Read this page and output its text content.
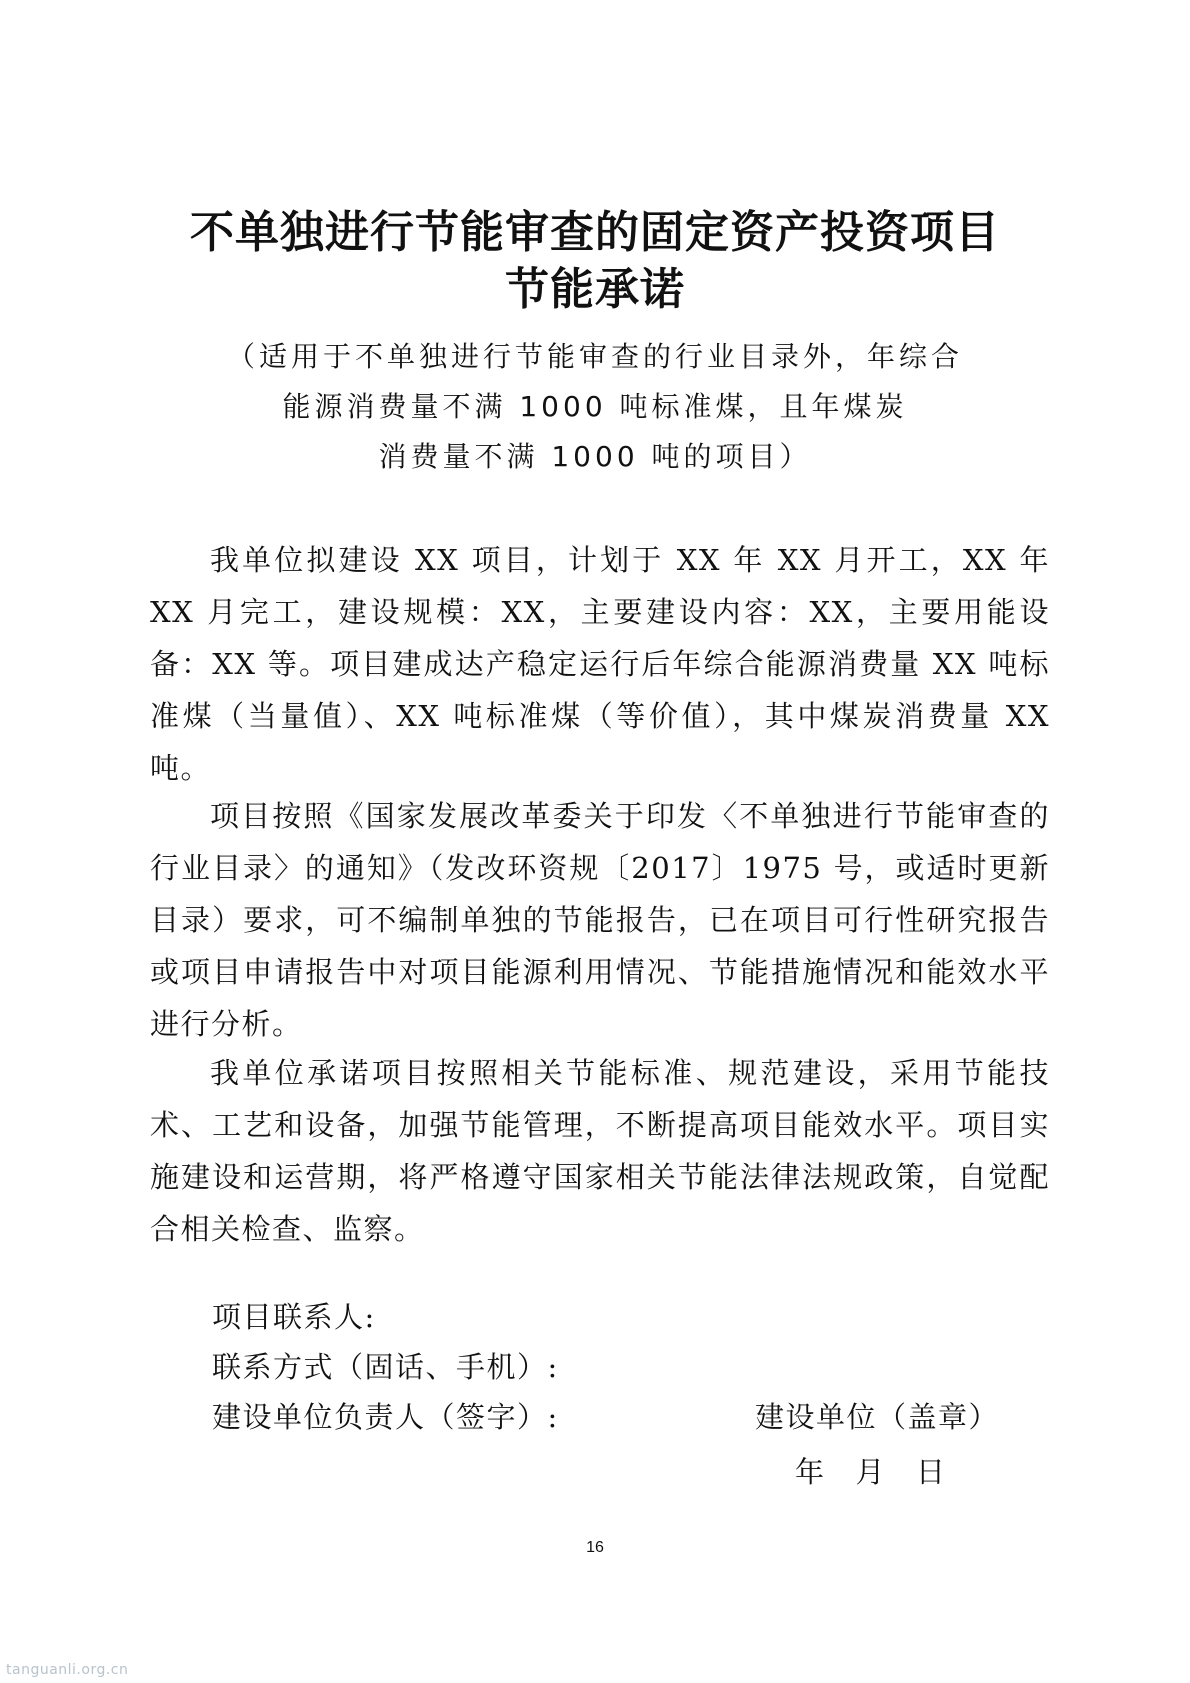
不单独进行节能审查的固定资产投资项目
节能承诺
（适用于不单独进行节能审查的行业目录外，年综合
能源消费量不满 1000 吨标准煤，且年煤炭
消费量不满 1000 吨的项目）

我单位拟建设 XX 项目，计划于 XX 年 XX 月开工，XX 年 XX 月完工，建设规模：XX，主要建设内容：XX，主要用能设备：XX 等。项目建成达产稳定运行后年综合能源消费量 XX 吨标准煤（当量值）、XX 吨标准煤（等价值），其中煤炭消费量 XX 吨。

项目按照《国家发展改革委关于印发〈不单独进行节能审查的行业目录〉的通知》（发改环资规〔2017〕1975 号，或适时更新目录）要求，可不编制单独的节能报告，已在项目可行性研究报告或项目申请报告中对项目能源利用情况、节能措施情况和能效水平进行分析。

我单位承诺项目按照相关节能标准、规范建设，采用节能技术、工艺和设备，加强节能管理，不断提高项目能效水平。项目实施建设和运营期，将严格遵守国家相关节能法律法规政策，自觉配合相关检查、监察。

项目联系人:
联系方式（固话、手机）:
建设单位负责人（签字）:	建设单位（盖章）
年 月 日
16
tanguanli.org.cn
